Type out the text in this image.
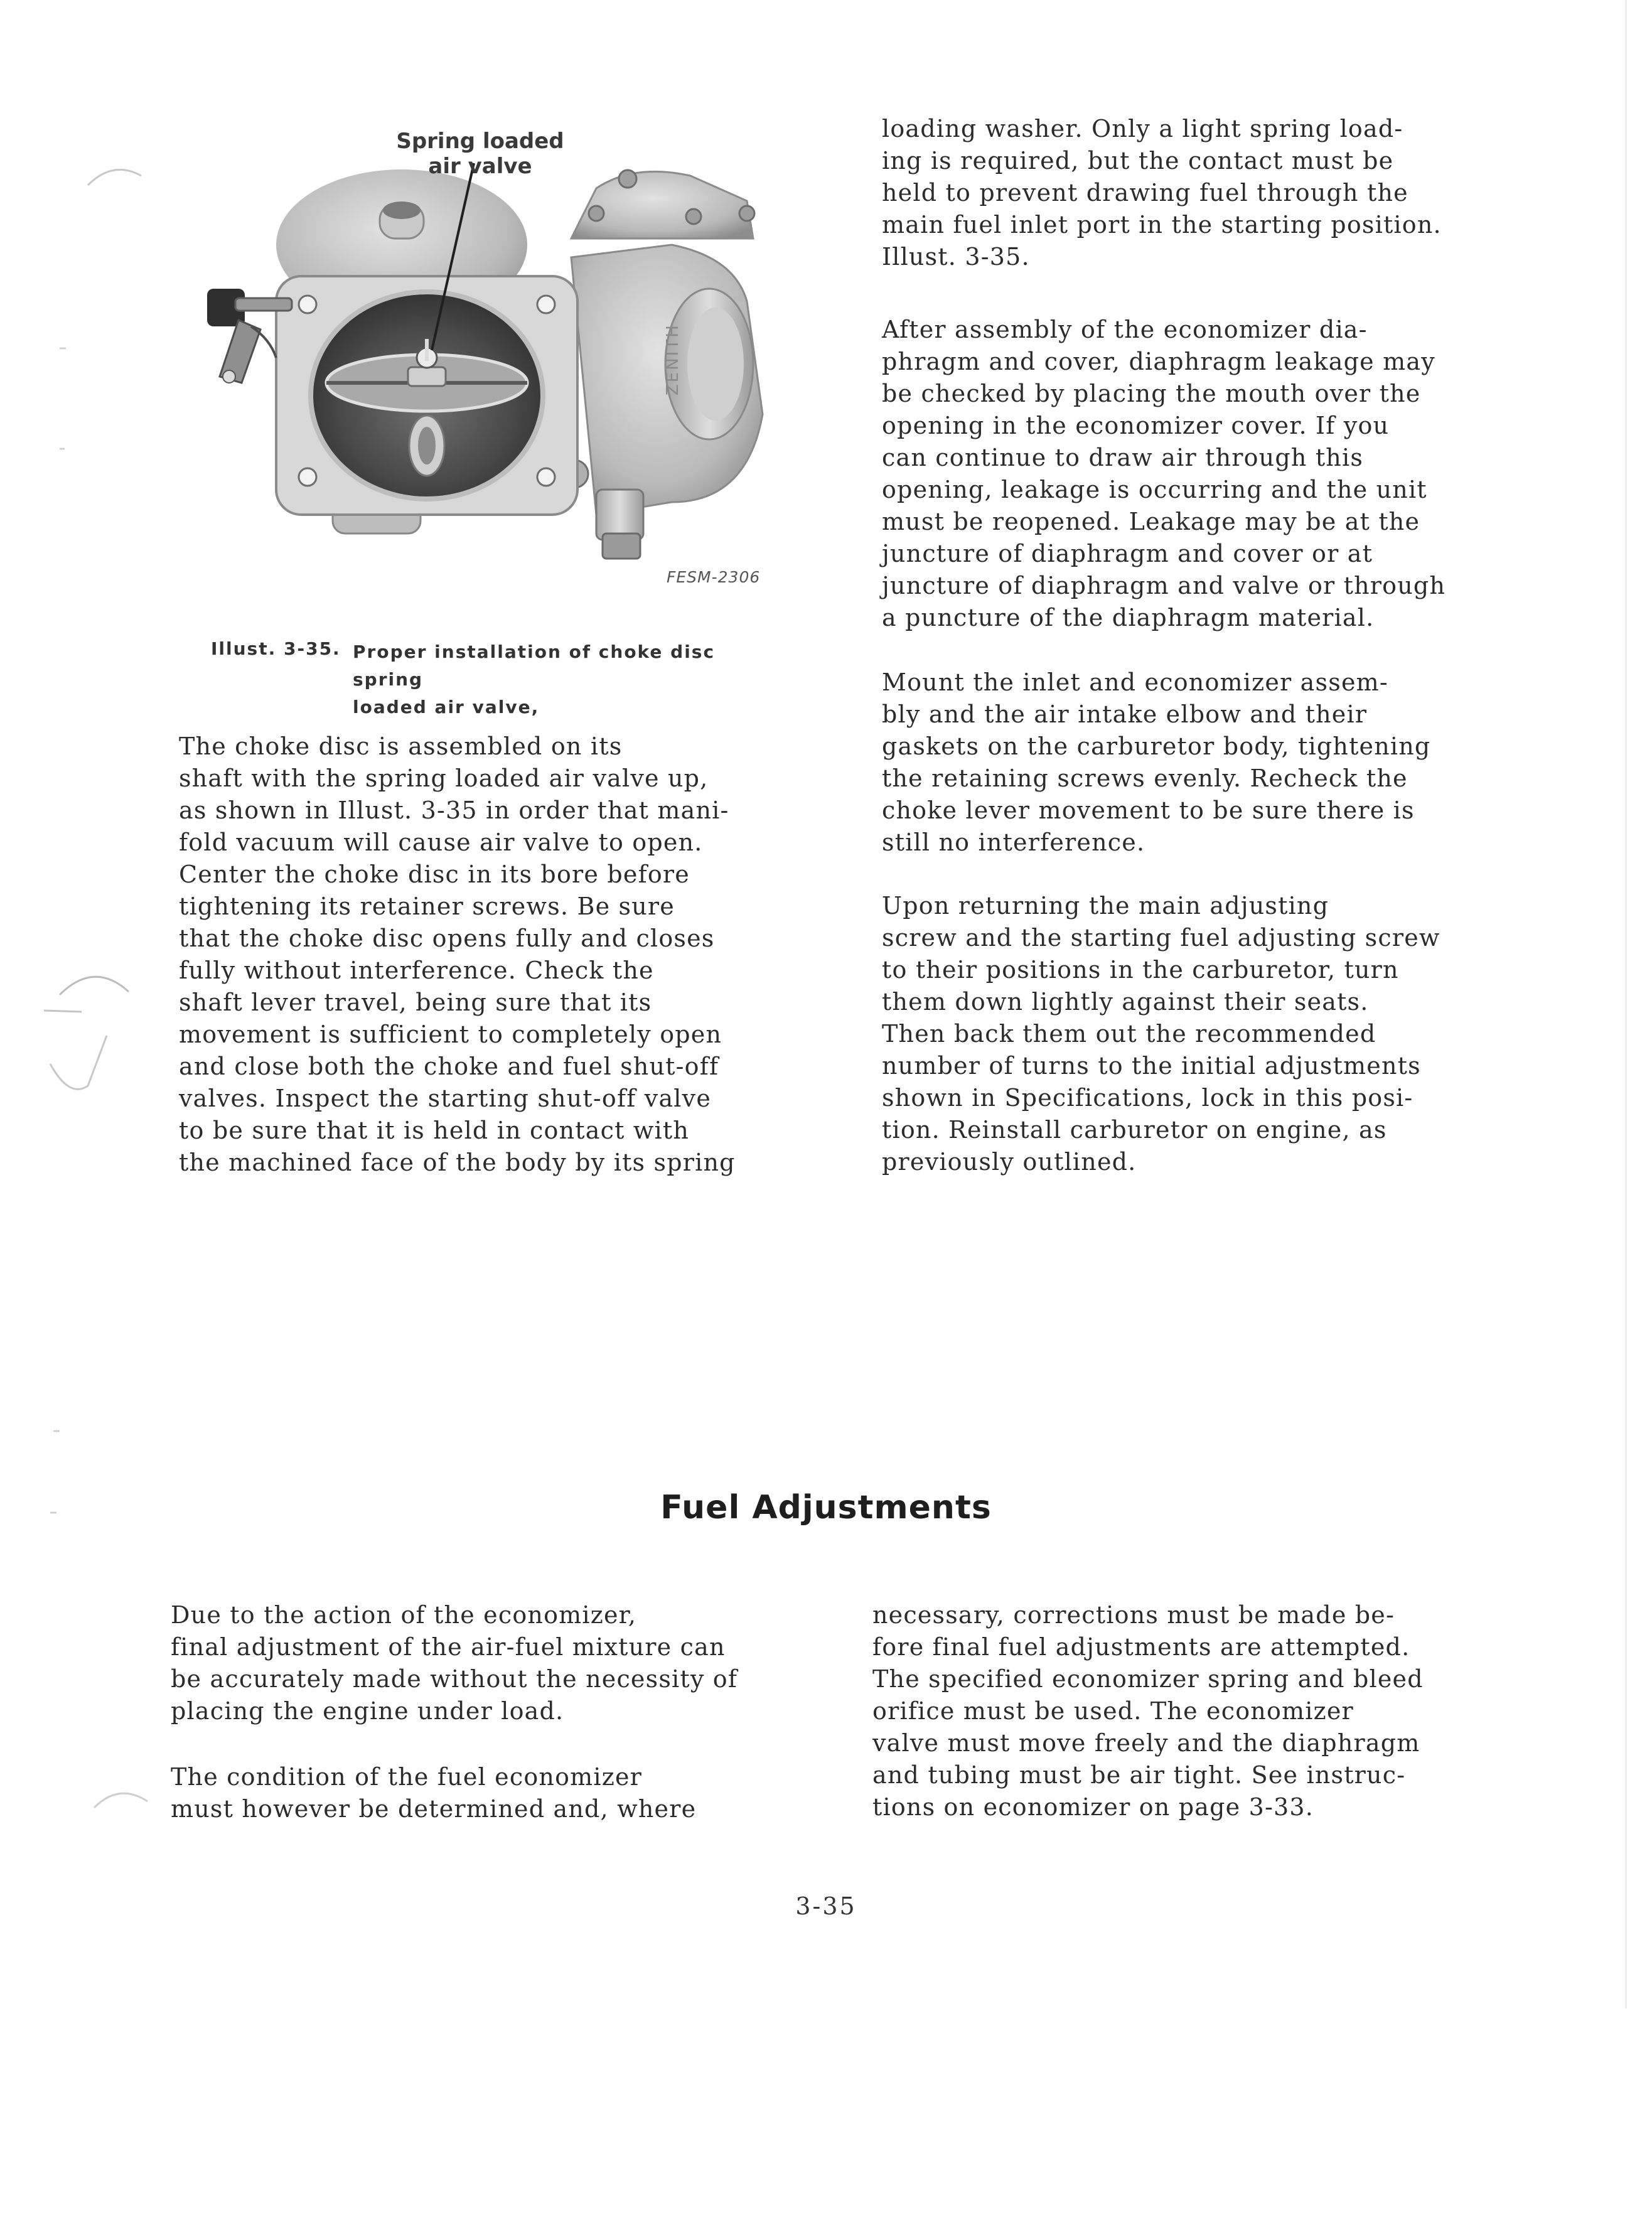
ZENITH
Spring loaded
air valve
FESM-2306
Illust. 3-35. Proper installation of choke disc spring
loaded air valve,
The choke disc is assembled on its
shaft with the spring loaded air valve up,
as shown in Illust. 3-35 in order that mani-
fold vacuum will cause air valve to open.
Center the choke disc in its bore before
tightening its retainer screws. Be sure
that the choke disc opens fully and closes
fully without interference. Check the
shaft lever travel, being sure that its
movement is sufficient to completely open
and close both the choke and fuel shut-off
valves. Inspect the starting shut-off valve
to be sure that it is held in contact with
the machined face of the body by its spring
loading washer. Only a light spring load-
ing is required, but the contact must be
held to prevent drawing fuel through the
main fuel inlet port in the starting position.
Illust. 3-35.
After assembly of the economizer dia-
phragm and cover, diaphragm leakage may
be checked by placing the mouth over the
opening in the economizer cover. If you
can continue to draw air through this
opening, leakage is occurring and the unit
must be reopened. Leakage may be at the
juncture of diaphragm and cover or at
juncture of diaphragm and valve or through
a puncture of the diaphragm material.
Mount the inlet and economizer assem-
bly and the air intake elbow and their
gaskets on the carburetor body, tightening
the retaining screws evenly. Recheck the
choke lever movement to be sure there is
still no interference.
Upon returning the main adjusting
screw and the starting fuel adjusting screw
to their positions in the carburetor, turn
them down lightly against their seats.
Then back them out the recommended
number of turns to the initial adjustments
shown in Specifications, lock in this posi-
tion. Reinstall carburetor on engine, as
previously outlined.
Fuel Adjustments
Due to the action of the economizer,
final adjustment of the air-fuel mixture can
be accurately made without the necessity of
placing the engine under load.
The condition of the fuel economizer
must however be determined and, where
necessary, corrections must be made be-
fore final fuel adjustments are attempted.
The specified economizer spring and bleed
orifice must be used. The economizer
valve must move freely and the diaphragm
and tubing must be air tight. See instruc-
tions on economizer on page 3-33.
3-35
